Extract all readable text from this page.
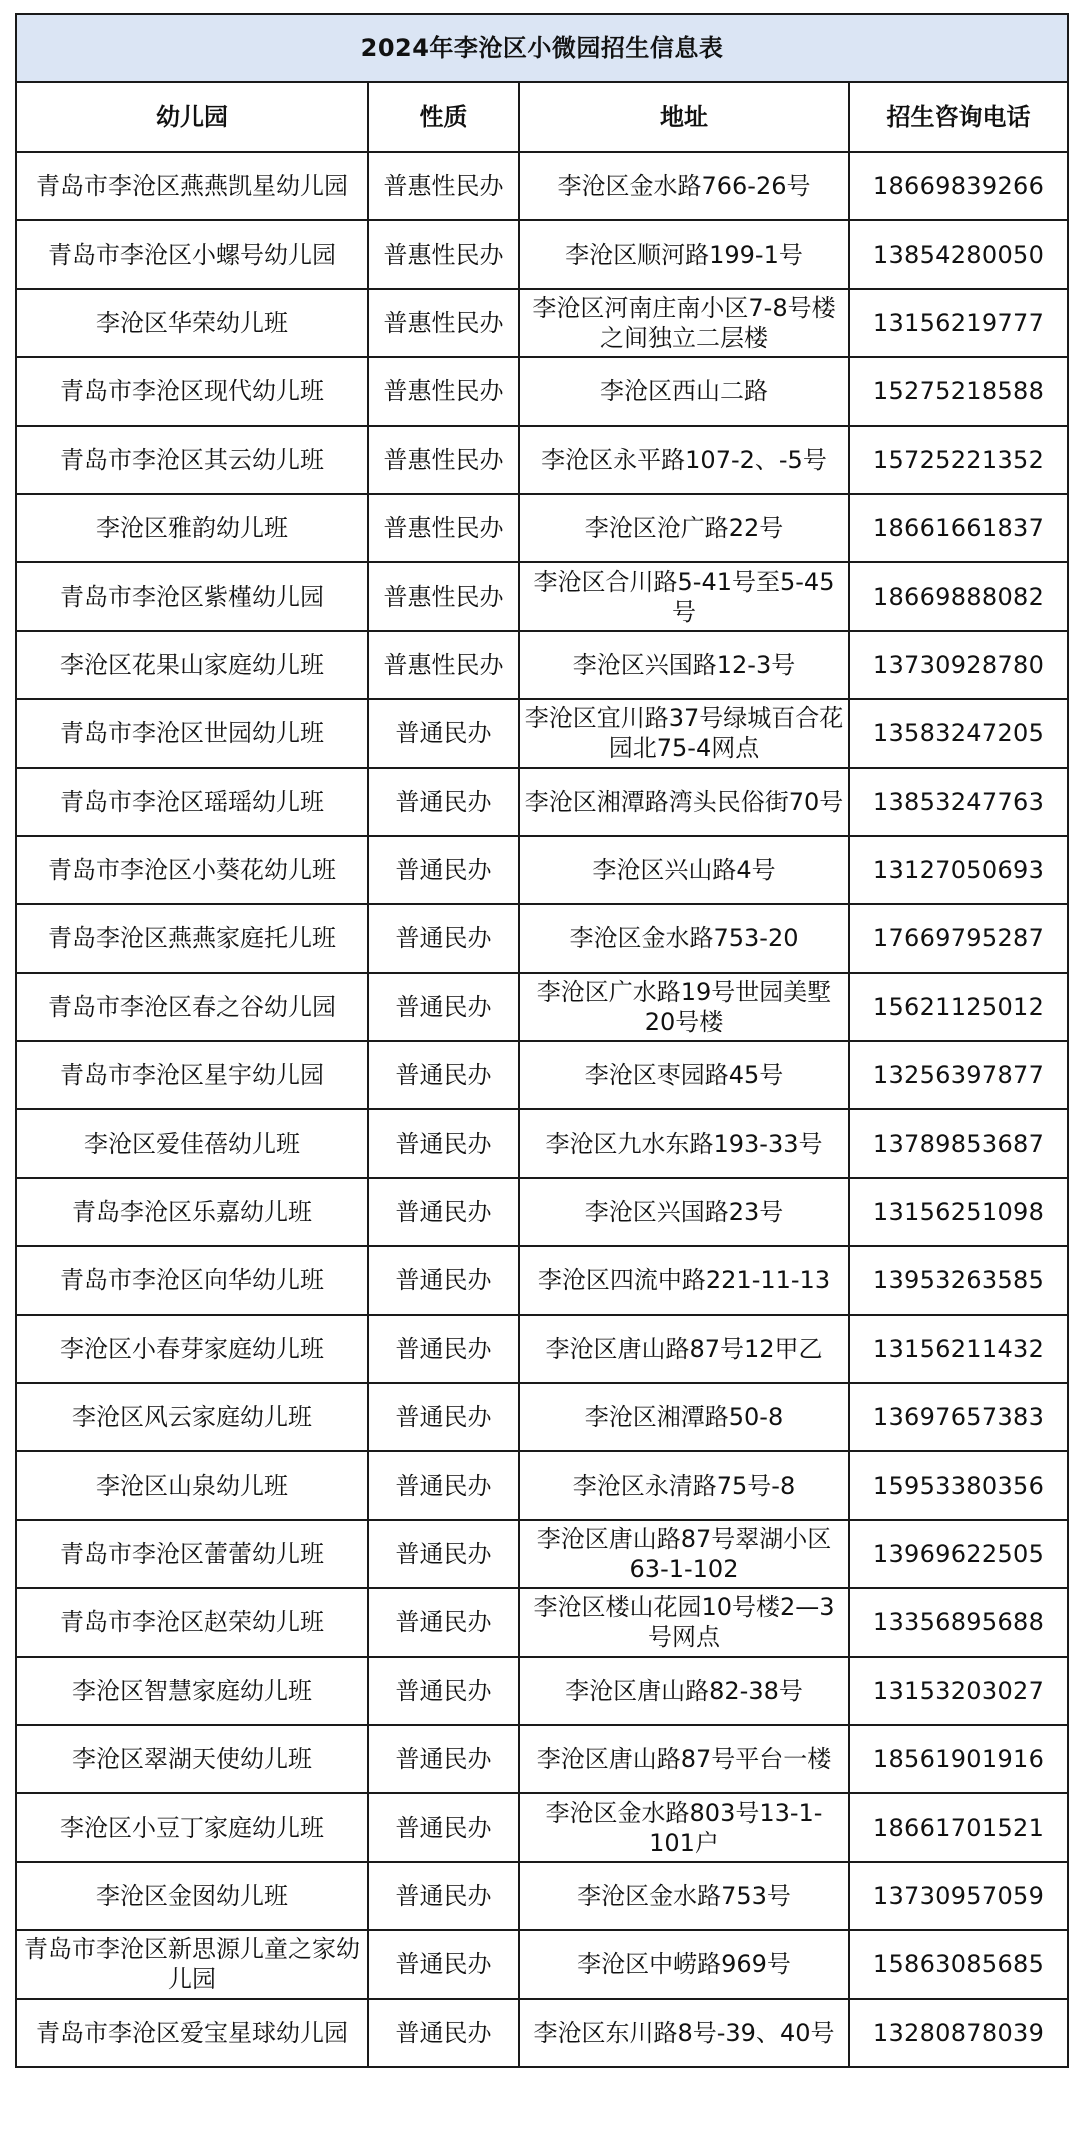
2024年李沧区小微园招生信息表			
幼儿园	性质	地址	招生咨询电话
青岛市李沧区燕燕凯星幼儿园	普惠性民办	李沧区金水路766-26号	18669839266
青岛市李沧区小螺号幼儿园	普惠性民办	李沧区顺河路199-1号	13854280050
李沧区华荣幼儿班	普惠性民办	李沧区河南庄南小区7-8号楼之间独立二层楼	13156219777
青岛市李沧区现代幼儿班	普惠性民办	李沧区西山二路	15275218588
青岛市李沧区其云幼儿班	普惠性民办	李沧区永平路107-2、-5号	15725221352
李沧区雅韵幼儿班	普惠性民办	李沧区沧广路22号	18661661837
青岛市李沧区紫槿幼儿园	普惠性民办	李沧区合川路5-41号至5-45号	18669888082
李沧区花果山家庭幼儿班	普惠性民办	李沧区兴国路12-3号	13730928780
青岛市李沧区世园幼儿班	普通民办	李沧区宜川路37号绿城百合花园北75-4网点	13583247205
青岛市李沧区瑶瑶幼儿班	普通民办	李沧区湘潭路湾头民俗街70号	13853247763
青岛市李沧区小葵花幼儿班	普通民办	李沧区兴山路4号	13127050693
青岛李沧区燕燕家庭托儿班	普通民办	李沧区金水路753-20	17669795287
青岛市李沧区春之谷幼儿园	普通民办	李沧区广水路19号世园美墅20号楼	15621125012
青岛市李沧区星宇幼儿园	普通民办	李沧区枣园路45号	13256397877
李沧区爱佳蓓幼儿班	普通民办	李沧区九水东路193-33号	13789853687
青岛李沧区乐嘉幼儿班	普通民办	李沧区兴国路23号	13156251098
青岛市李沧区向华幼儿班	普通民办	李沧区四流中路221-11-13	13953263585
李沧区小春芽家庭幼儿班	普通民办	李沧区唐山路87号12甲乙	13156211432
李沧区风云家庭幼儿班	普通民办	李沧区湘潭路50-8	13697657383
李沧区山泉幼儿班	普通民办	李沧区永清路75号-8	15953380356
青岛市李沧区蕾蕾幼儿班	普通民办	李沧区唐山路87号翠湖小区63-1-102	13969622505
青岛市李沧区赵荣幼儿班	普通民办	李沧区楼山花园10号楼2—3号网点	13356895688
李沧区智慧家庭幼儿班	普通民办	李沧区唐山路82-38号	13153203027
李沧区翠湖天使幼儿班	普通民办	李沧区唐山路87号平台一楼	18561901916
李沧区小豆丁家庭幼儿班	普通民办	李沧区金水路803号13-1-101户	18661701521
李沧区金囡幼儿班	普通民办	李沧区金水路753号	13730957059
青岛市李沧区新思源儿童之家幼儿园	普通民办	李沧区中崂路969号	15863085685
青岛市李沧区爱宝星球幼儿园	普通民办	李沧区东川路8号-39、40号	13280878039
